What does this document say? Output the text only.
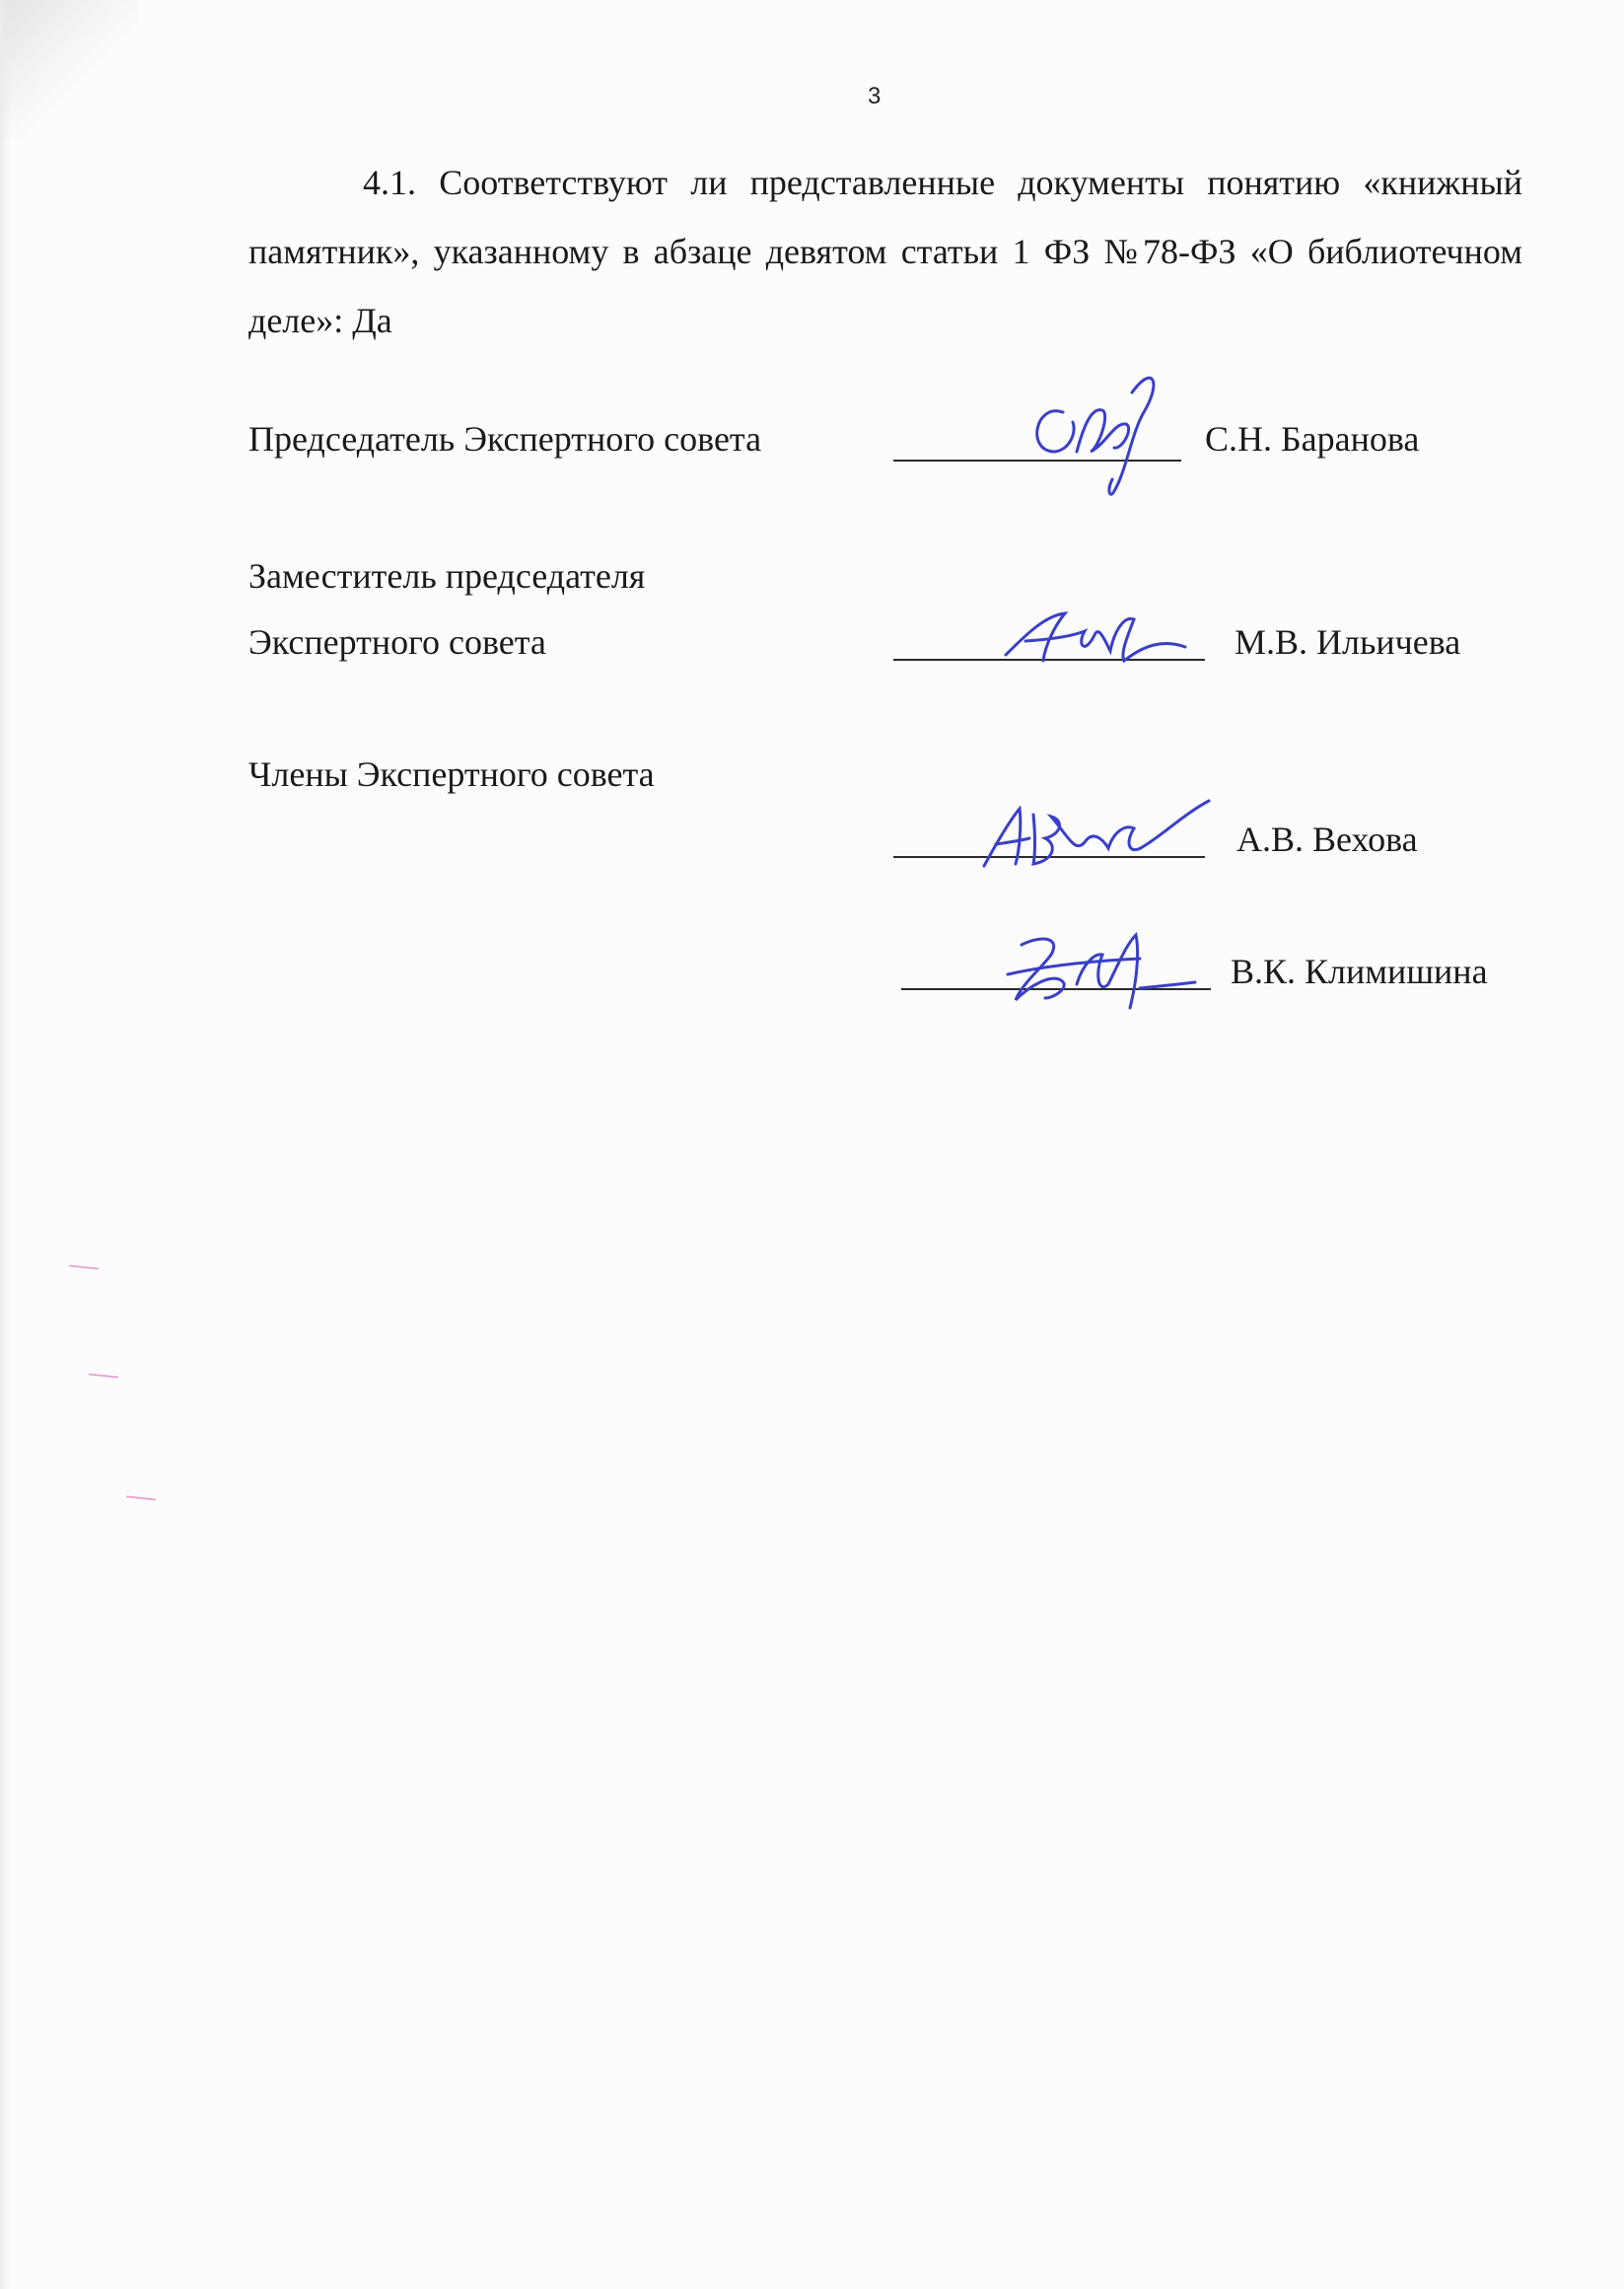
3
4.1. Соответствуют ли представленные документы понятию «книжный памятник», указанному в абзаце девятом статьи 1 ФЗ №78-ФЗ «О библиотечном деле»: Да
Председатель Экспертного совета	С.Н. Баранова
Заместитель председателя
Экспертного совета	М.В. Ильичева
Члены Экспертного совета
А.В. Вехова
В.К. Климишина
